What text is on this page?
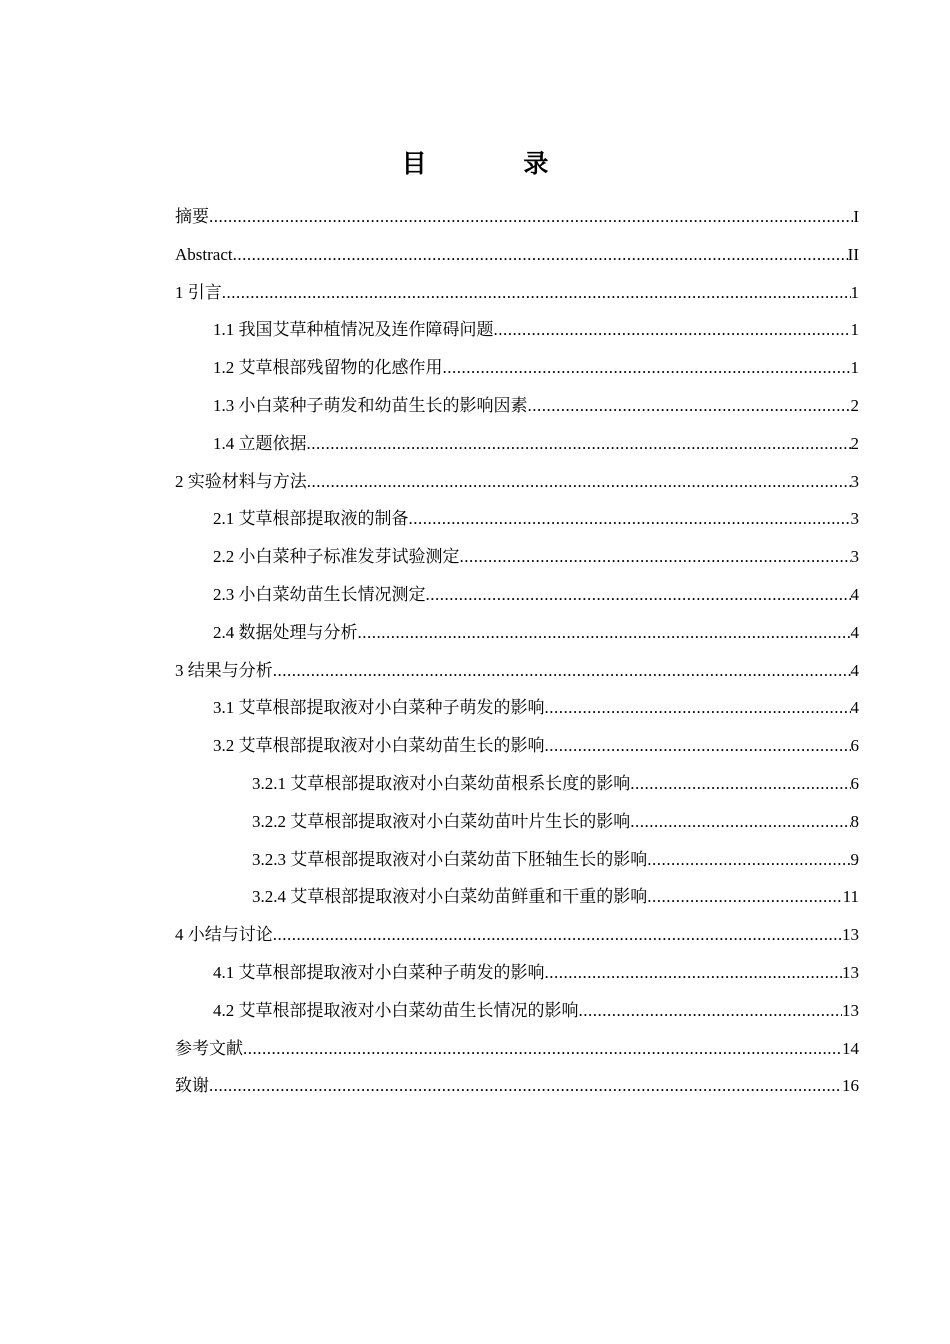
目 录
摘要 .....	I
Abstract .....	II
1 引言 .....	1
1.1 我国艾草种植情况及连作障碍问题 .....	1
1.2 艾草根部残留物的化感作用 .....	1
1.3 小白菜种子萌发和幼苗生长的影响因素 .....	2
1.4 立题依据 .....	2
2 实验材料与方法 .....	3
2.1 艾草根部提取液的制备 .....	3
2.2 小白菜种子标准发芽试验测定 .....	3
2.3 小白菜幼苗生长情况测定 .....	4
2.4 数据处理与分析 .....	4
3 结果与分析 .....	4
3.1 艾草根部提取液对小白菜种子萌发的影响 .....	4
3.2 艾草根部提取液对小白菜幼苗生长的影响 .....	6
3.2.1 艾草根部提取液对小白菜幼苗根系长度的影响 .....	6
3.2.2 艾草根部提取液对小白菜幼苗叶片生长的影响 .....	8
3.2.3 艾草根部提取液对小白菜幼苗下胚轴生长的影响 .....	9
3.2.4 艾草根部提取液对小白菜幼苗鲜重和干重的影响 .....	11
4 小结与讨论 .....	13
4.1 艾草根部提取液对小白菜种子萌发的影响 .....	13
4.2 艾草根部提取液对小白菜幼苗生长情况的影响 .....	13
参考文献 .....	14
致谢 .....	16
